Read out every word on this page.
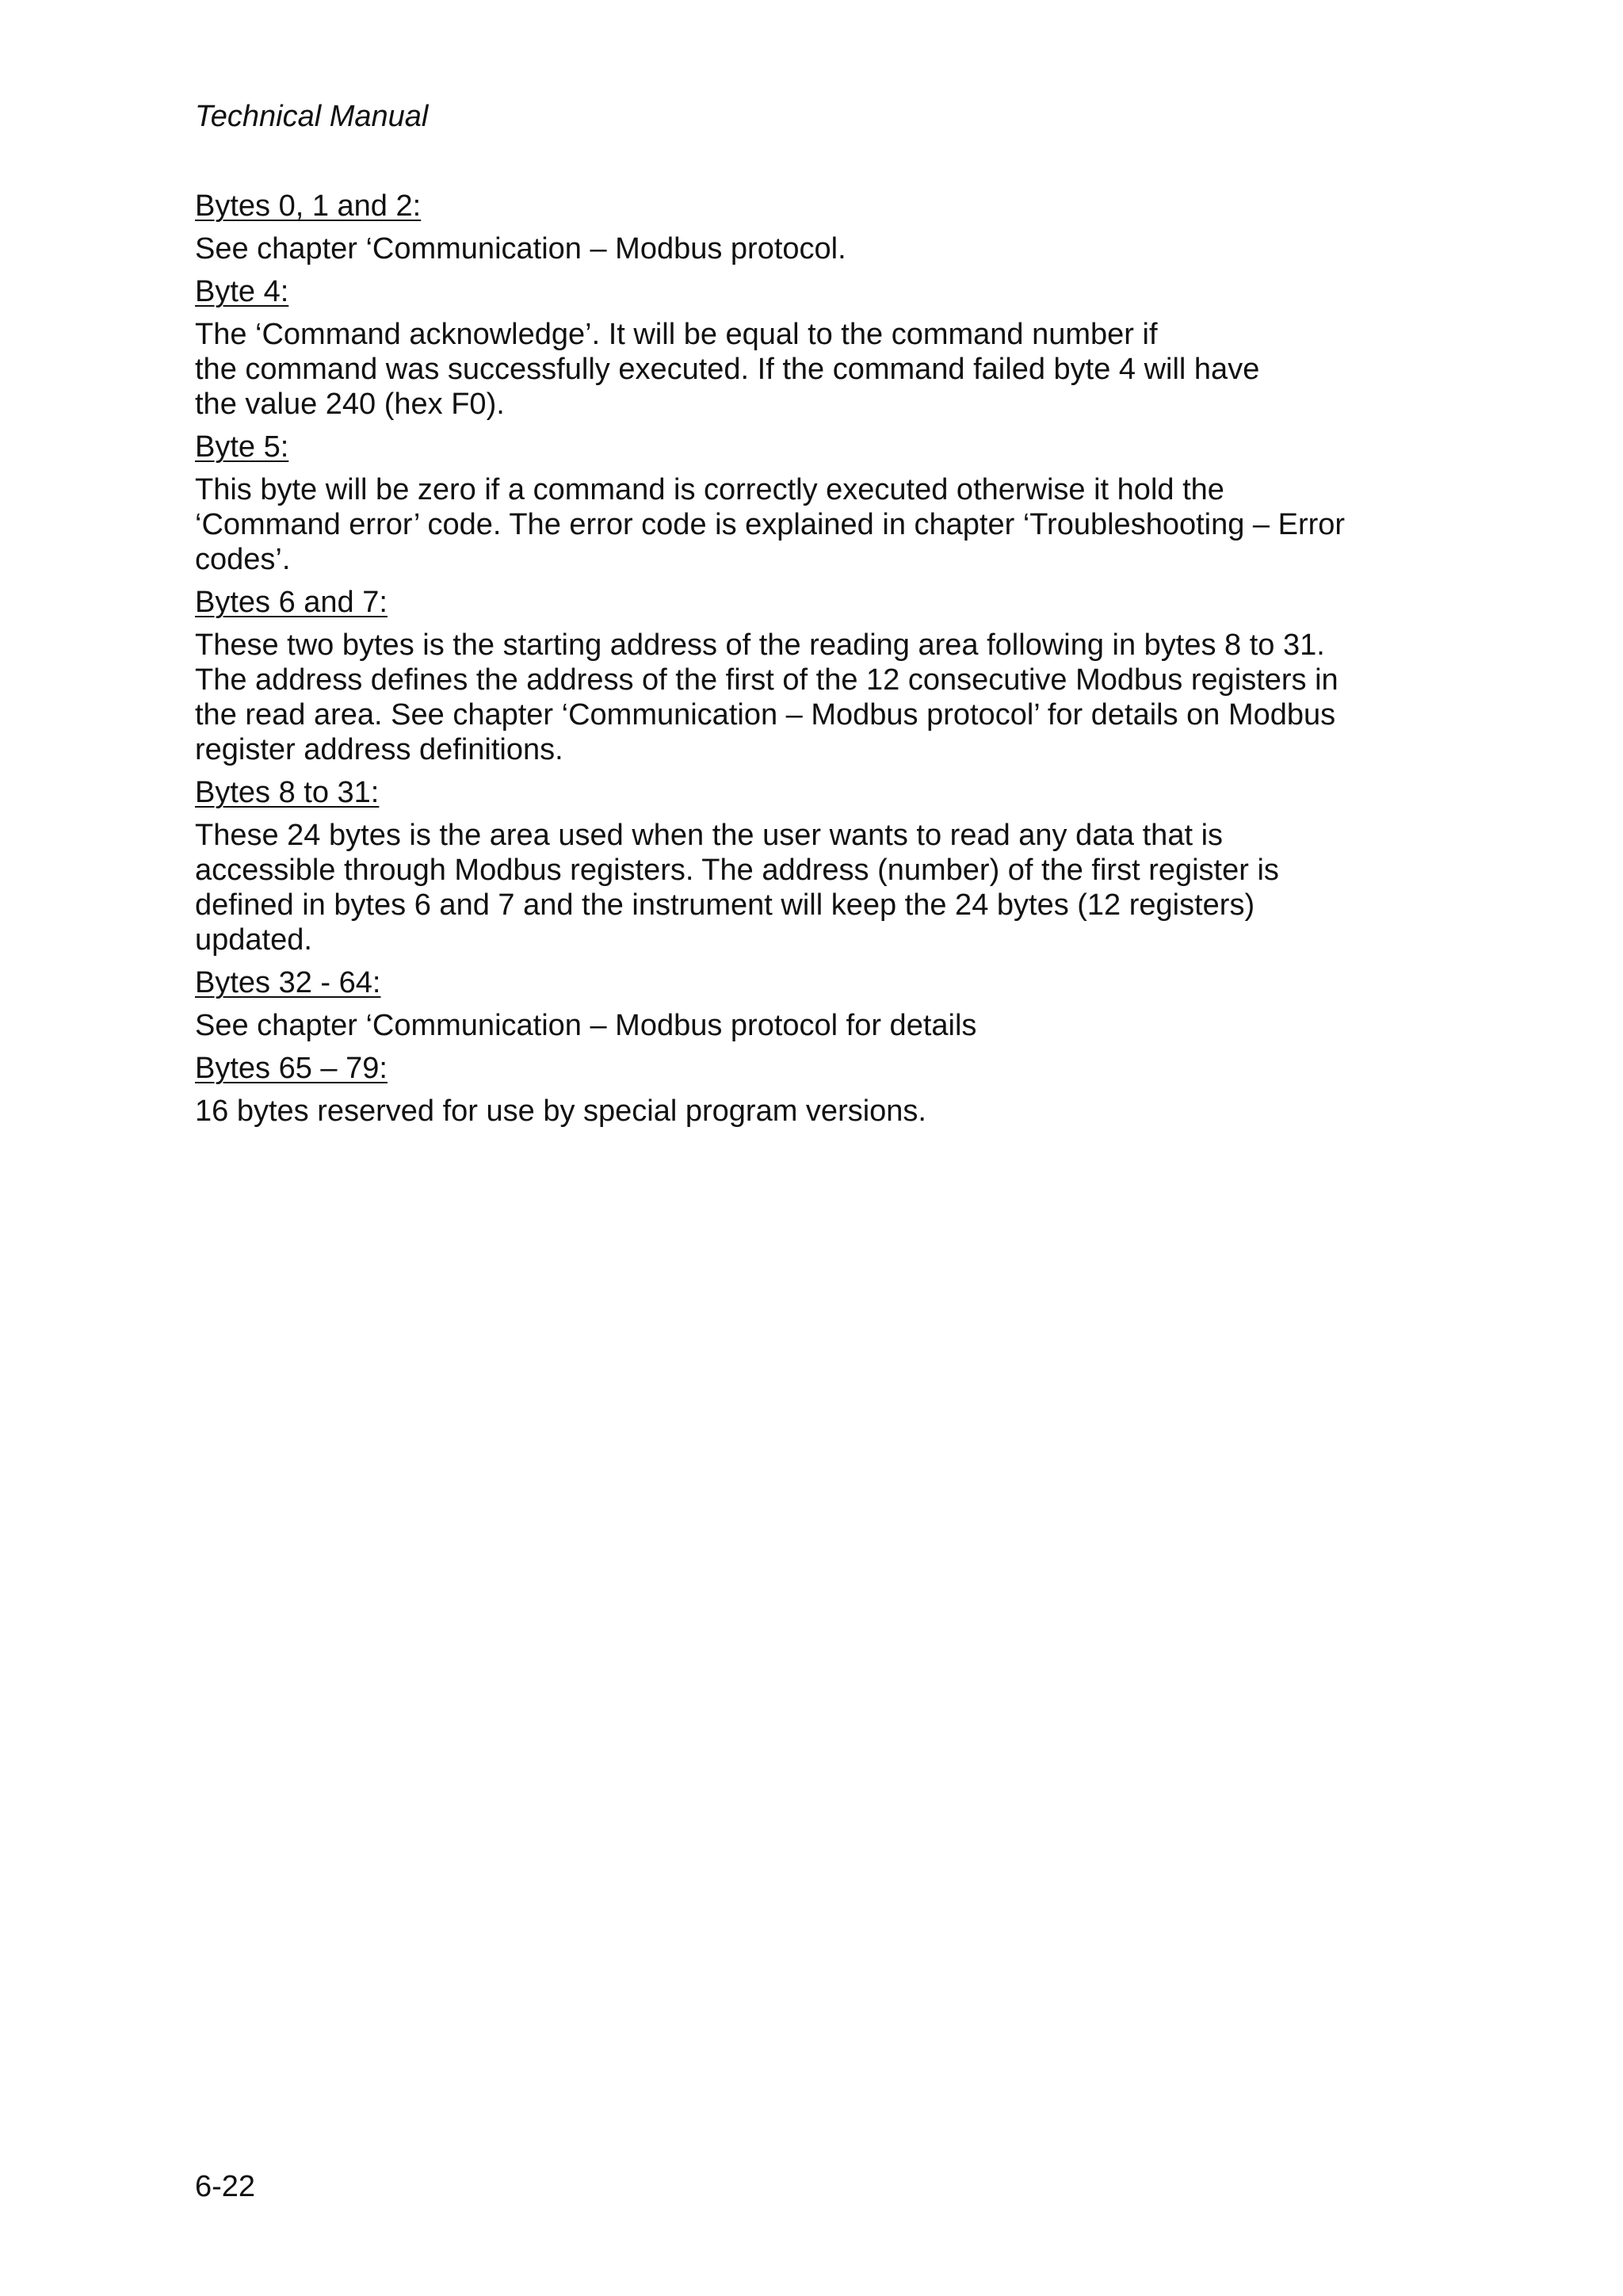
Technical Manual
Bytes 0, 1 and 2:
See chapter ‘Communication – Modbus protocol.
Byte 4:
The ‘Command acknowledge’. It will be equal to the command number if
the command was successfully executed. If the command failed byte 4 will have
the value 240 (hex F0).
Byte 5:
This byte will be zero if a command is correctly executed otherwise it hold the
‘Command error’ code. The error code is explained in chapter ‘Troubleshooting – Error
codes’.
Bytes 6 and 7:
These two bytes is the starting address of the reading area following in bytes 8 to 31.
The address defines the address of the first of the 12 consecutive Modbus registers in
the read area. See chapter ‘Communication – Modbus protocol’ for details on Modbus
register address definitions.
Bytes 8 to 31:
These 24 bytes is the area used when the user wants to read any data that is
accessible through Modbus registers. The address (number) of the first register is
defined in bytes 6 and 7 and the instrument will keep the 24 bytes (12 registers)
updated.
Bytes 32 - 64:
See chapter ‘Communication – Modbus protocol for details
Bytes 65 – 79:
16 bytes reserved for use by special program versions.
6-22
